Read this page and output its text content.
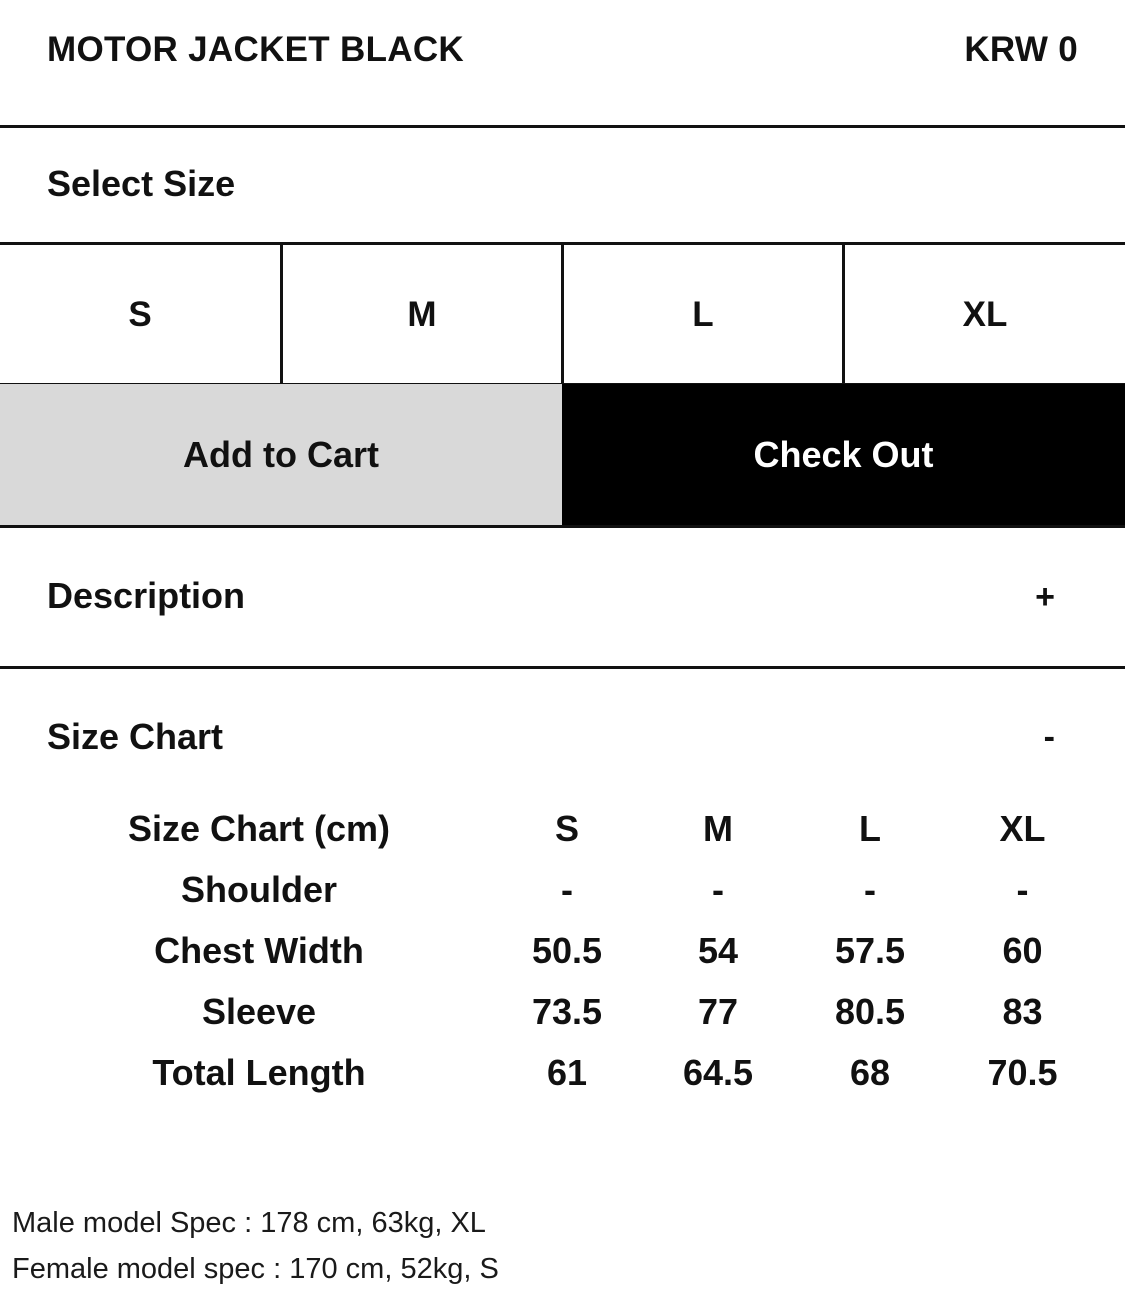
MOTOR JACKET BLACK	KRW 0
Select Size
S	M	L	XL
Add to Cart	Check Out
Description	+
Size Chart	-
Size Chart (cm)	S	M	L	XL
Shoulder	-	-	-	-
Chest Width	50.5	54	57.5	60
Sleeve	73.5	77	80.5	83
Total Length	61	64.5	68	70.5
Male model Spec : 178 cm, 63kg, XL
Female model spec : 170 cm, 52kg, S
